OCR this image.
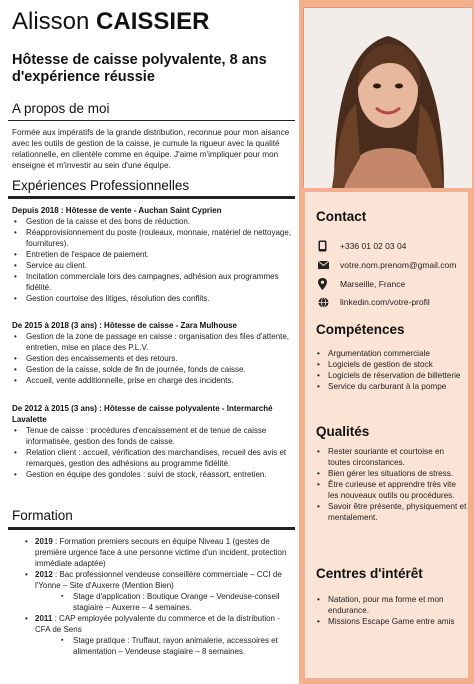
Alisson CAISSIER
Hôtesse de caisse polyvalente, 8 ans d'expérience réussie
A propos de moi
Formée aux impératifs de la grande distribution, reconnue pour mon aisance avec les outils de gestion de la caisse, je cumule la rigueur avec la qualité relationnelle, en clientèle comme en équipe. J'aime m'impliquer pour mon enseigne et m'investir au sein d'une équipe.
Expériences Professionnelles
Depuis 2018 : Hôtesse de vente - Auchan Saint Cyprien
• Gestion de la caisse et des bons de réduction.
• Réapprovisionnement du poste (rouleaux, monnaie, matériel de nettoyage, fournitures).
• Entretien de l'espace de paiement.
• Service au client.
• Incitation commerciale lors des campagnes, adhésion aux programmes fidélité.
• Gestion courtoise des litiges, résolution des conflits.
De 2015 à 2018 (3 ans) : Hôtesse de caisse - Zara Mulhouse
• Gestion de la zone de passage en caisse : organisation des files d'attente, entretien, mise en place des P.L.V.
• Gestion des encaissements et des retours.
• Gestion de la caisse, solde de fin de journée, fonds de caisse.
• Accueil, vente additionnelle, prise en charge des incidents.
De 2012 à 2015 (3 ans) : Hôtesse de caisse polyvalente - Intermarché Lavalette
• Tenue de caisse : procédures d'encaissement et de tenue de caisse informatisée, gestion des fonds de caisse.
• Relation client : accueil, vérification des marchandises, recueil des avis et remarques, gestion des adhésions au programme fidélité.
• Gestion en équipe des gondoles : suivi de stock, réassort, entretien.
Formation
• 2019 : Formation premiers secours en équipe Niveau 1 (gestes de première urgence face à une personne victime d'un incident, protection immédiate adaptée)
• 2012 : Bac professionnel vendeuse conseillère commerciale – CCI de l'Yonne – Site d'Auxerre (Mention Bien)
▪ Stage d'application : Boutique Orange – Vendeuse-conseil stagiaire – Auxerre – 4 semaines.
• 2011 : CAP employée polyvalente du commerce et de la distribution - CFA de Sens
▪ Stage pratique : Truffaut, rayon animalerie, accessoires et alimentation – Vendeuse stagiaire – 8 semaines.
Contact
+336 01 02 03 04
votre.nom.prenom@gmail.com
Marseille, France
linkedin.com/votre-profil
Compétences
• Argumentation commerciale
• Logiciels de gestion de stock
• Logiciels de réservation de billetterie
• Service du carburant à la pompe
Qualités
• Rester souriante et courtoise en toutes circonstances.
• Bien gérer les situations de stress.
• Être curieuse et apprendre très vite les nouveaux outils ou procédures.
• Savoir être présente, physiquement et mentalement.
Centres d'intérêt
• Natation, pour ma forme et mon endurance.
• Missions Escape Game entre amis
